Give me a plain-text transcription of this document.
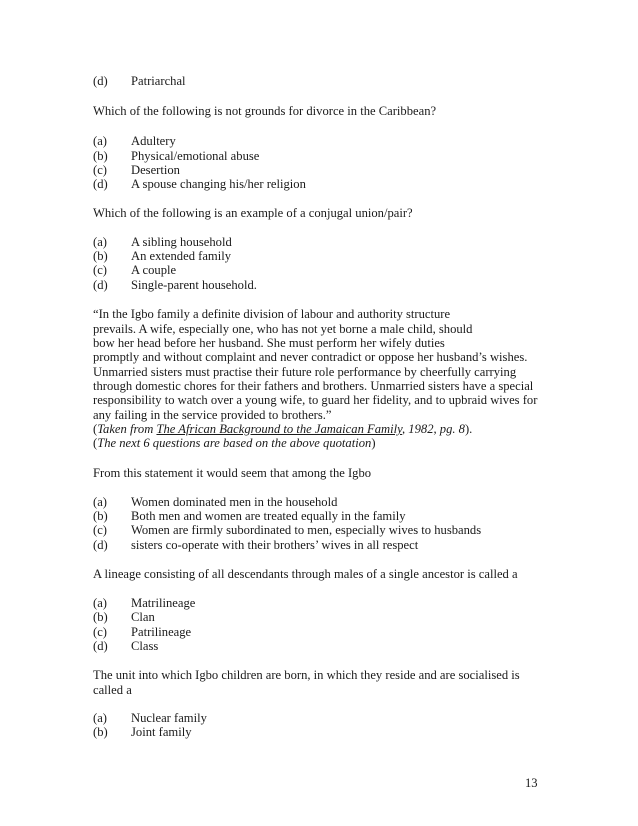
(d) Patriarchal
Which of the following is not grounds for divorce in the Caribbean?
(a) Adultery
(b) Physical/emotional abuse
(c) Desertion
(d) A spouse changing his/her religion
Which of the following is an example of a conjugal union/pair?
(a) A sibling household
(b) An extended family
(c) A couple
(d) Single-parent household.
“In the Igbo family a definite division of labour and authority structure
prevails. A wife, especially one, who has not yet borne a male child, should
bow her head before her husband. She must perform her wifely duties
promptly and without complaint and never contradict or oppose her husband’s wishes.
Unmarried sisters must practise their future role performance by cheerfully carrying
through domestic chores for their fathers and brothers. Unmarried sisters have a special
responsibility to watch over a young wife, to guard her fidelity, and to upbraid wives for
any failing in the service provided to brothers.”
(Taken from The African Background to the Jamaican Family, 1982, pg. 8).
(The next 6 questions are based on the above quotation)
From this statement it would seem that among the Igbo
(a) Women dominated men in the household
(b) Both men and women are treated equally in the family
(c) Women are firmly subordinated to men, especially wives to husbands
(d) sisters co-operate with their brothers’ wives in all respect
A lineage consisting of all descendants through males of a single ancestor is called a
(a) Matrilineage
(b) Clan
(c) Patrilineage
(d) Class
The unit into which Igbo children are born, in which they reside and are socialised is
called a
(a) Nuclear family
(b) Joint family
13
